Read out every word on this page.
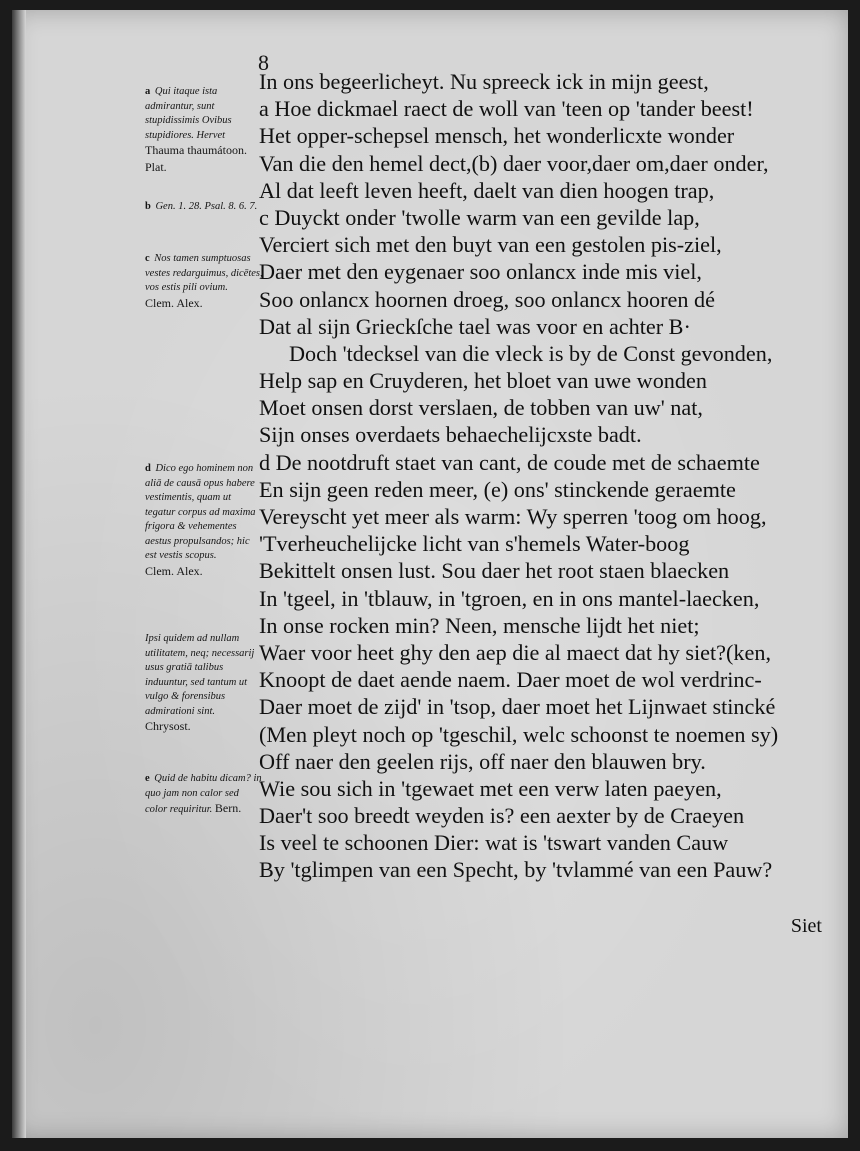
8
In ons begeerlicheyt. Nu spreeck ick in mijn geest,
a Hoe dickmael raect de woll van 'teen op 'tander beest!
Het opper-schepsel mensch, het wonderlicxte wonder
Van die den hemel dect,(b) daer voor,daer om,daer onder,
Al dat leeft leven heeft, daelt van dien hoogen trap,
c Duyckt onder 'twolle warm van een gevilde lap,
Verciert sich met den buyt van een gestolen pis-ziel,
Daer met den eygenaer soo onlancx inde mis viel,
Soo onlancx hoornen droeg, soo onlancx hooren dé
Dat al sijn Grieckſche tael was voor en achter B·
Doch 'tdecksel van die vleck is by de Const gevonden,
Help sap en Cruyderen, het bloet van uwe wonden
Moet onsen dorst verslaen, de tobben van uw' nat,
Sijn onses overdaets behaechelijcxste badt.
d De nootdruft staet van cant, de coude met de schaemte
En sijn geen reden meer, (e) ons' stinckende geraemte
Vereyscht yet meer als warm: Wy sperren 'toog om hoog,
'Tverheuchelijcke licht van s'hemels Water-boog
Bekittelt onsen lust. Sou daer het root staen blaecken
In 'tgeel, in 'tblauw, in 'tgroen, en in ons mantel-laecken,
In onse rocken min? Neen, mensche lijdt het niet;
Waer voor heet ghy den aep die al maect dat hy siet?(ken,
Knoopt de daet aende naem. Daer moet de wol verdrinc-
Daer moet de zijd' in 'tsop, daer moet het Lijnwaet stincké
(Men pleyt noch op 'tgeschil, welc schoonst te noemen sy)
Off naer den geelen rijs, off naer den blauwen bry.
Wie sou sich in 'tgewaet met een verw laten paeyen,
Daer't soo breedt weyden is? een aexter by de Craeyen
Is veel te schoonen Dier: wat is 'tswart vanden Cauw
By 'tglimpen van een Specht, by 'tvlammé van een Pauw?
Siet
a Qui itaque ista admirantur, sunt stupidissimis Ovibus stupidiores. Hervet
Thauma thaumátoon. Plat.
b Gen. 1. 28. Psal. 8. 6. 7.
c Nos tamen sumptuosas vestes redarguimus, dicētes, vos estis pili ovium.
Clem. Alex.
d Dico ego hominem non aliā de causā opus habere vestimentis, quam ut tegatur corpus ad maxima frigora & vehementes aestus propulsandos; hic est vestis scopus.
Clem. Alex.
Ipsi quidem ad nullam utilitatem, neq; necessarij usus gratiā talibus induuntur, sed tantum ut vulgo & forensibus admirationi sint.
Chrysost.
e Quid de habitu dicam? in quo jam non calor sed color requiritur. Bern.
